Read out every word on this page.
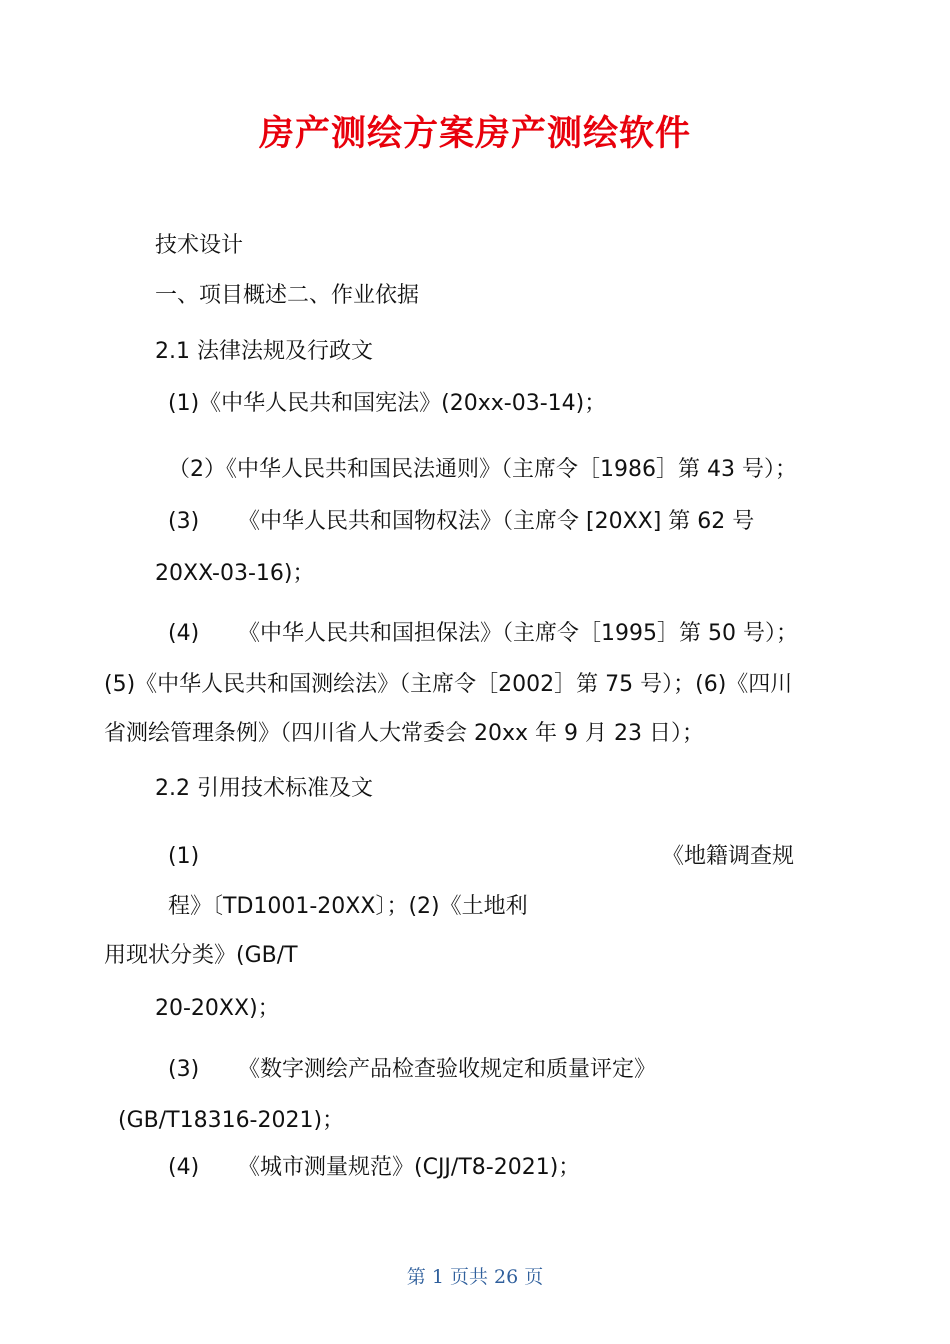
房产测绘方案房产测绘软件
技术设计
一、项目概述二、作业依据
2.1 法律法规及行政文
(1)《中华人民共和国宪法》(20xx-03-14)；
（2）《中华人民共和国民法通则》（主席令［1986］第 43 号）；
(3) 《中华人民共和国物权法》（主席令 [20XX] 第 62 号
20XX-03-16)；
(4) 《中华人民共和国担保法》（主席令［1995］第 50 号）；
(5)《中华人民共和国测绘法》（主席令［2002］第 75 号）；(6)《四川
省测绘管理条例》（四川省人大常委会 20xx 年 9 月 23 日）；
2.2 引用技术标准及文
(1)	《地籍调查规
程》〔TD1001-20XX〕；(2)《土地利
用现状分类》(GB/T
20-20XX)；
(3) 《数字测绘产品检查验收规定和质量评定》
(GB/T18316-2021)；
(4) 《城市测量规范》(CJJ/T8-2021)；
第 1 页共 26 页
